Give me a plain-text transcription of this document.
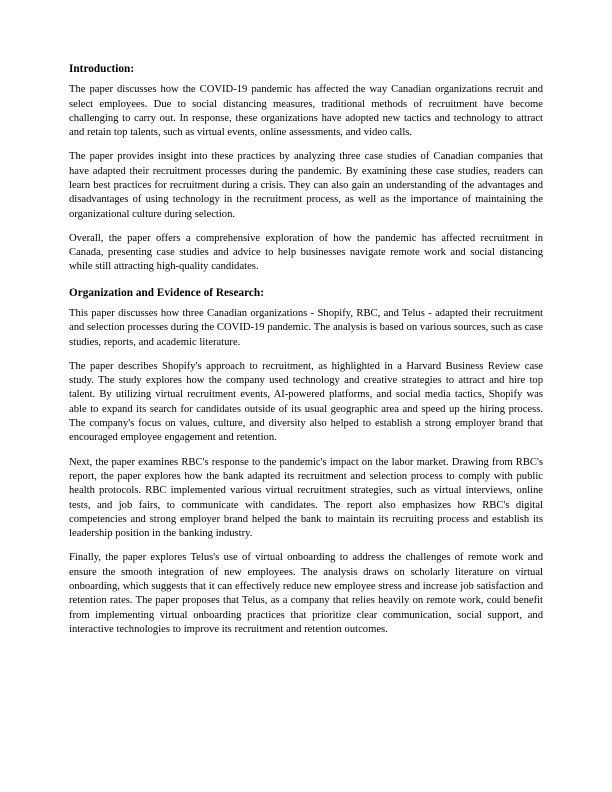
Introduction:

The paper discusses how the COVID-19 pandemic has affected the way Canadian organizations recruit and select employees. Due to social distancing measures, traditional methods of recruitment have become challenging to carry out. In response, these organizations have adopted new tactics and technology to attract and retain top talents, such as virtual events, online assessments, and video calls.

The paper provides insight into these practices by analyzing three case studies of Canadian companies that have adapted their recruitment processes during the pandemic. By examining these case studies, readers can learn best practices for recruitment during a crisis. They can also gain an understanding of the advantages and disadvantages of using technology in the recruitment process, as well as the importance of maintaining the organizational culture during selection.

Overall, the paper offers a comprehensive exploration of how the pandemic has affected recruitment in Canada, presenting case studies and advice to help businesses navigate remote work and social distancing while still attracting high-quality candidates.

Organization and Evidence of Research:

This paper discusses how three Canadian organizations - Shopify, RBC, and Telus - adapted their recruitment and selection processes during the COVID-19 pandemic. The analysis is based on various sources, such as case studies, reports, and academic literature.

The paper describes Shopify's approach to recruitment, as highlighted in a Harvard Business Review case study. The study explores how the company used technology and creative strategies to attract and hire top talent. By utilizing virtual recruitment events, AI-powered platforms, and social media tactics, Shopify was able to expand its search for candidates outside of its usual geographic area and speed up the hiring process. The company's focus on values, culture, and diversity also helped to establish a strong employer brand that encouraged employee engagement and retention.

Next, the paper examines RBC's response to the pandemic's impact on the labor market. Drawing from RBC's report, the paper explores how the bank adapted its recruitment and selection process to comply with public health protocols. RBC implemented various virtual recruitment strategies, such as virtual interviews, online tests, and job fairs, to communicate with candidates. The report also emphasizes how RBC's digital competencies and strong employer brand helped the bank to maintain its recruiting process and establish its leadership position in the banking industry.

Finally, the paper explores Telus's use of virtual onboarding to address the challenges of remote work and ensure the smooth integration of new employees. The analysis draws on scholarly literature on virtual onboarding, which suggests that it can effectively reduce new employee stress and increase job satisfaction and retention rates. The paper proposes that Telus, as a company that relies heavily on remote work, could benefit from implementing virtual onboarding practices that prioritize clear communication, social support, and interactive technologies to improve its recruitment and retention outcomes.
